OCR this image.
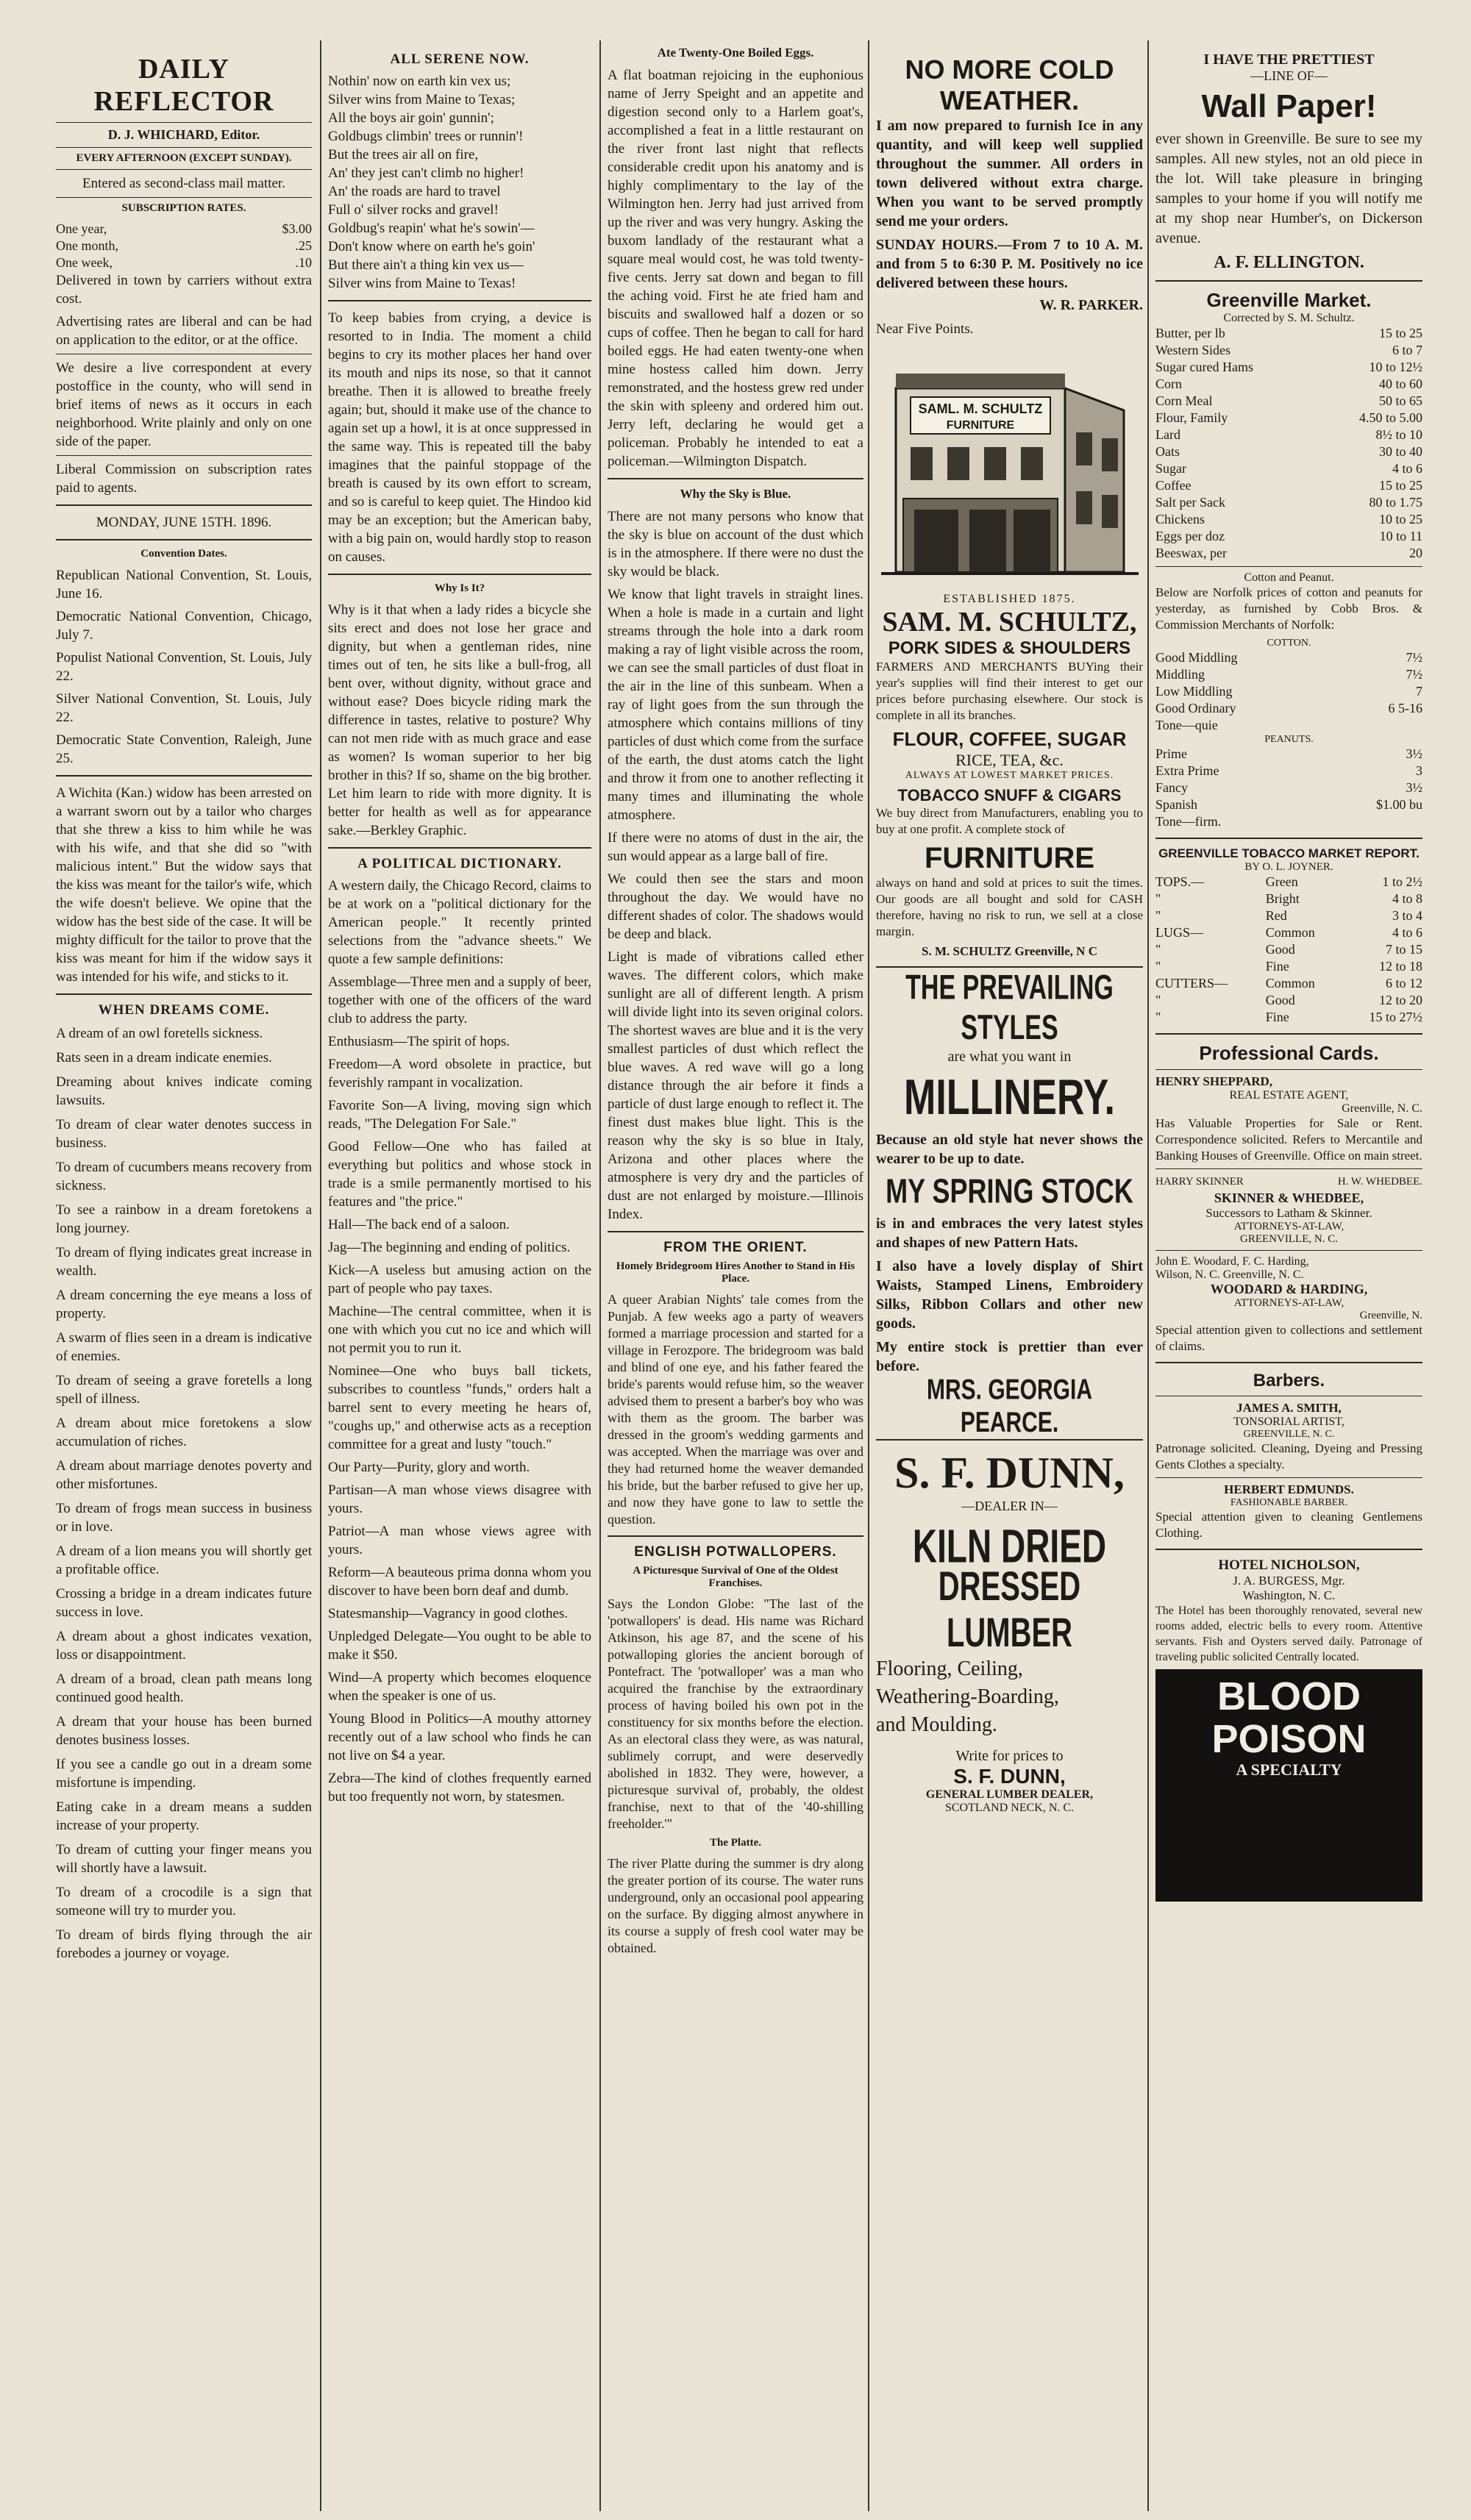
DAILY REFLECTOR
D. J. WHICHARD, Editor.
EVERY AFTERNOON (EXCEPT SUNDAY).

Entered as second-class mail matter.

SUBSCRIPTION RATES.
One year,	$3.00
One month,	.25
One week,	.10

Delivered in town by carriers without extra cost.

Advertising rates are liberal and can be had on application to the editor, or at the office.

We desire a live correspondent at every postoffice in the county, who will send in brief items of news as it occurs in each neighborhood. Write plainly and only on one side of the paper.

Liberal Commission on subscription rates paid to agents.

MONDAY, JUNE 15TH. 1896.

Convention Dates.

Republican National Convention, St. Louis, June 16.

Democratic National Convention, Chicago, July 7.

Populist National Convention, St. Louis, July 22.

Silver National Convention, St. Louis, July 22.

Democratic State Convention, Raleigh, June 25.

A Wichita (Kan.) widow has been arrested on a warrant sworn out by a tailor who charges that she threw a kiss to him while he was with his wife, and that she did so "with malicious intent." But the widow says that the kiss was meant for the tailor's wife, which the wife doesn't believe. We opine that the widow has the best side of the case. It will be mighty difficult for the tailor to prove that the kiss was meant for him if the widow says it was intended for his wife, and sticks to it.

WHEN DREAMS COME.

A dream of an owl foretells sickness.

Rats seen in a dream indicate enemies.

Dreaming about knives indicate coming lawsuits.

To dream of clear water denotes success in business.

To dream of cucumbers means recovery from sickness.

To see a rainbow in a dream foretokens a long journey.

To dream of flying indicates great increase in wealth.

A dream concerning the eye means a loss of property.

A swarm of flies seen in a dream is indicative of enemies.

To dream of seeing a grave foretells a long spell of illness.

A dream about mice foretokens a slow accumulation of riches.

A dream about marriage denotes poverty and other misfortunes.

To dream of frogs mean success in business or in love.

A dream of a lion means you will shortly get a profitable office.

Crossing a bridge in a dream indicates future success in love.

A dream about a ghost indicates vexation, loss or disappointment.

A dream of a broad, clean path means long continued good health.

A dream that your house has been burned denotes business losses.

If you see a candle go out in a dream some misfortune is impending.

Eating cake in a dream means a sudden increase of your property.

To dream of cutting your finger means you will shortly have a lawsuit.

To dream of a crocodile is a sign that someone will try to murder you.

To dream of birds flying through the air forebodes a journey or voyage.

ALL SERENE NOW.
Nothin' now on earth kin vex us;
Silver wins from Maine to Texas;
All the boys air goin' gunnin';
Goldbugs climbin' trees or runnin'!
But the trees air all on fire,
An' they jest can't climb no higher!
An' the roads are hard to travel
Full o' silver rocks and gravel!
Goldbug's reapin' what he's sowin'—
Don't know where on earth he's goin'
But there ain't a thing kin vex us—
Silver wins from Maine to Texas!

To keep babies from crying, a device is resorted to in India. The moment a child begins to cry its mother places her hand over its mouth and nips its nose, so that it cannot breathe. Then it is allowed to breathe freely again; but, should it make use of the chance to again set up a howl, it is at once suppressed in the same way. This is repeated till the baby imagines that the painful stoppage of the breath is caused by its own effort to scream, and so is careful to keep quiet. The Hindoo kid may be an exception; but the American baby, with a big pain on, would hardly stop to reason on causes.

Why Is It?

Why is it that when a lady rides a bicycle she sits erect and does not lose her grace and dignity, but when a gentleman rides, nine times out of ten, he sits like a bull-frog, all bent over, without dignity, without grace and without ease? Does bicycle riding mark the difference in tastes, relative to posture? Why can not men ride with as much grace and ease as women? Is woman superior to her big brother in this? If so, shame on the big brother. Let him learn to ride with more dignity. It is better for health as well as for appearance sake.—Berkley Graphic.

A POLITICAL DICTIONARY.

A western daily, the Chicago Record, claims to be at work on a "political dictionary for the American people." It recently printed selections from the "advance sheets." We quote a few sample definitions:

Assemblage—Three men and a supply of beer, together with one of the officers of the ward club to address the party.

Enthusiasm—The spirit of hops.

Freedom—A word obsolete in practice, but feverishly rampant in vocalization.

Favorite Son—A living, moving sign which reads, "The Delegation For Sale."

Good Fellow—One who has failed at everything but politics and whose stock in trade is a smile permanently mortised to his features and "the price."

Hall—The back end of a saloon.

Jag—The beginning and ending of politics.

Kick—A useless but amusing action on the part of people who pay taxes.

Machine—The central committee, when it is one with which you cut no ice and which will not permit you to run it.

Nominee—One who buys ball tickets, subscribes to countless "funds," orders halt a barrel sent to every meeting he hears of, "coughs up," and otherwise acts as a reception committee for a great and lusty "touch."

Our Party—Purity, glory and worth.

Partisan—A man whose views disagree with yours.

Patriot—A man whose views agree with yours.

Reform—A beauteous prima donna whom you discover to have been born deaf and dumb.

Statesmanship—Vagrancy in good clothes.

Unpledged Delegate—You ought to be able to make it $50.

Wind—A property which becomes eloquence when the speaker is one of us.

Young Blood in Politics—A mouthy attorney recently out of a law school who finds he can not live on $4 a year.

Zebra—The kind of clothes frequently earned but too frequently not worn, by statesmen.

Ate Twenty-One Boiled Eggs.

A flat boatman rejoicing in the euphonious name of Jerry Speight and an appetite and digestion second only to a Harlem goat's, accomplished a feat in a little restaurant on the river front last night that reflects considerable credit upon his anatomy and is highly complimentary to the lay of the Wilmington hen. Jerry had just arrived from up the river and was very hungry. Asking the buxom landlady of the restaurant what a square meal would cost, he was told twenty-five cents. Jerry sat down and began to fill the aching void. First he ate fried ham and biscuits and swallowed half a dozen or so cups of coffee. Then he began to call for hard boiled eggs. He had eaten twenty-one when mine hostess called him down. Jerry remonstrated, and the hostess grew red under the skin with spleeny and ordered him out. Jerry left, declaring he would get a policeman. Probably he intended to eat a policeman.—Wilmington Dispatch.

Why the Sky is Blue.

There are not many persons who know that the sky is blue on account of the dust which is in the atmosphere. If there were no dust the sky would be black.

We know that light travels in straight lines. When a hole is made in a curtain and light streams through the hole into a dark room making a ray of light visible across the room, we can see the small particles of dust float in the air in the line of this sunbeam. When a ray of light goes from the sun through the atmosphere which contains millions of tiny particles of dust which come from the surface of the earth, the dust atoms catch the light and throw it from one to another reflecting it many times and illuminating the whole atmosphere.

If there were no atoms of dust in the air, the sun would appear as a large ball of fire.

We could then see the stars and moon throughout the day. We would have no different shades of color. The shadows would be deep and black.

Light is made of vibrations called ether waves. The different colors, which make sunlight are all of different length. A prism will divide light into its seven original colors. The shortest waves are blue and it is the very smallest particles of dust which reflect the blue waves. A red wave will go a long distance through the air before it finds a particle of dust large enough to reflect it. The finest dust makes blue light. This is the reason why the sky is so blue in Italy, Arizona and other places where the atmosphere is very dry and the particles of dust are not enlarged by moisture.—Illinois Index.

FROM THE ORIENT.
Homely Bridegroom Hires Another to Stand in His Place.

A queer Arabian Nights' tale comes from the Punjab. A few weeks ago a party of weavers formed a marriage procession and started for a village in Ferozpore. The bridegroom was bald and blind of one eye, and his father feared the bride's parents would refuse him, so the weaver advised them to present a barber's boy who was with them as the groom. The barber was dressed in the groom's wedding garments and was accepted. When the marriage was over and they had returned home the weaver demanded his bride, but the barber refused to give her up, and now they have gone to law to settle the question.

ENGLISH POTWALLOPERS.
A Picturesque Survival of One of the Oldest Franchises.

Says the London Globe: "The last of the 'potwallopers' is dead. His name was Richard Atkinson, his age 87, and the scene of his potwalloping glories the ancient borough of Pontefract. The 'potwalloper' was a man who acquired the franchise by the extraordinary process of having boiled his own pot in the constituency for six months before the election. As an electoral class they were, as was natural, sublimely corrupt, and were deservedly abolished in 1832. They were, however, a picturesque survival of, probably, the oldest franchise, next to that of the '40-shilling freeholder.'"

The Platte.

The river Platte during the summer is dry along the greater portion of its course. The water runs underground, only an occasional pool appearing on the surface. By digging almost anywhere in its course a supply of fresh cool water may be obtained.

NO MORE COLD WEATHER.

I am now prepared to furnish Ice in any quantity, and will keep well supplied throughout the summer. All orders in town delivered without extra charge. When you want to be served promptly send me your orders.

SUNDAY HOURS.—From 7 to 10 A. M. and from 5 to 6:30 P. M. Positively no ice delivered between these hours.

W. R. PARKER.

Near Five Points.

SAML. M. SCHULTZ
FURNITURE
ESTABLISHED 1875.
SAM. M. SCHULTZ,
PORK SIDES & SHOULDERS

FARMERS AND MERCHANTS BUYing their year's supplies will find their interest to get our prices before purchasing elsewhere. Our stock is complete in all its branches.

FLOUR, COFFEE, SUGAR
RICE, TEA, &c.
ALWAYS AT LOWEST MARKET PRICES.
TOBACCO SNUFF & CIGARS

We buy direct from Manufacturers, enabling you to buy at one profit. A complete stock of

FURNITURE

always on hand and sold at prices to suit the times. Our goods are all bought and sold for CASH therefore, having no risk to run, we sell at a close margin.

S. M. SCHULTZ Greenville, N C
THE PREVAILING STYLES
are what you want in
MILLINERY.

Because an old style hat never shows the wearer to be up to date.

MY SPRING STOCK

is in and embraces the very latest styles and shapes of new Pattern Hats.

I also have a lovely display of Shirt Waists, Stamped Linens, Embroidery Silks, Ribbon Collars and other new goods.

My entire stock is prettier than ever before.

MRS. GEORGIA PEARCE.
S. F. DUNN,
—DEALER IN—
KILN DRIED
DRESSED LUMBER
Flooring, Ceiling,
Weathering-Boarding,
and Moulding.
Write for prices to
S. F. DUNN,
GENERAL LUMBER DEALER,
SCOTLAND NECK, N. C.
I HAVE THE PRETTIEST
—LINE OF—
Wall Paper!

ever shown in Greenville. Be sure to see my samples. All new styles, not an old piece in the lot. Will take pleasure in bringing samples to your home if you will notify me at my shop near Humber's, on Dickerson avenue.

A. F. ELLINGTON.
Greenville Market.
Corrected by S. M. Schultz.
Butter, per lb	15 to 25
Western Sides	6 to 7
Sugar cured Hams	10 to 12½
Corn	40 to 60
Corn Meal	50 to 65
Flour, Family	4.50 to 5.00
Lard	8½ to 10
Oats	30 to 40
Sugar	4 to 6
Coffee	15 to 25
Salt per Sack	80 to 1.75
Chickens	10 to 25
Eggs per doz	10 to 11
Beeswax, per	20
Cotton and Peanut.

Below are Norfolk prices of cotton and peanuts for yesterday, as furnished by Cobb Bros. & Commission Merchants of Norfolk:

COTTON.
Good Middling	7½
Middling	7½
Low Middling	7
Good Ordinary	6 5-16
Tone—quie	
PEANUTS.
Prime	3½
Extra Prime	3
Fancy	3½
Spanish	$1.00 bu
Tone—firm.	
GREENVILLE TOBACCO MARKET REPORT.
BY O. L. JOYNER.
TOPS.—	Green	1 to 2½
"	Bright	4 to 8
"	Red	3 to 4
LUGS—	Common	4 to 6
"	Good	7 to 15
"	Fine	12 to 18
CUTTERS—	Common	6 to 12
"	Good	12 to 20
"	Fine	15 to 27½
Professional Cards.
HENRY SHEPPARD,
REAL ESTATE AGENT,
Greenville, N. C.

Has Valuable Properties for Sale or Rent. Correspondence solicited. Refers to Mercantile and Banking Houses of Greenville. Office on main street.

HARRY SKINNER	H. W. WHEDBEE.
SKINNER & WHEDBEE,
Successors to Latham & Skinner.
ATTORNEYS-AT-LAW,
GREENVILLE, N. C.
John E. Woodard, F. C. Harding,
Wilson, N. C. Greenville, N. C.
WOODARD & HARDING,
ATTORNEYS-AT-LAW,
Greenville, N.

Special attention given to collections and settlement of claims.

Barbers.
JAMES A. SMITH,
TONSORIAL ARTIST,
GREENVILLE, N. C.

Patronage solicited. Cleaning, Dyeing and Pressing Gents Clothes a specialty.

HERBERT EDMUNDS.
FASHIONABLE BARBER.

Special attention given to cleaning Gentlemens Clothing.

HOTEL NICHOLSON,
J. A. BURGESS, Mgr.
Washington, N. C.

The Hotel has been thoroughly renovated, several new rooms added, electric bells to every room. Attentive servants. Fish and Oysters served daily. Patronage of traveling public solicited Centrally located.

BLOOD POISON
A SPECIALTY
